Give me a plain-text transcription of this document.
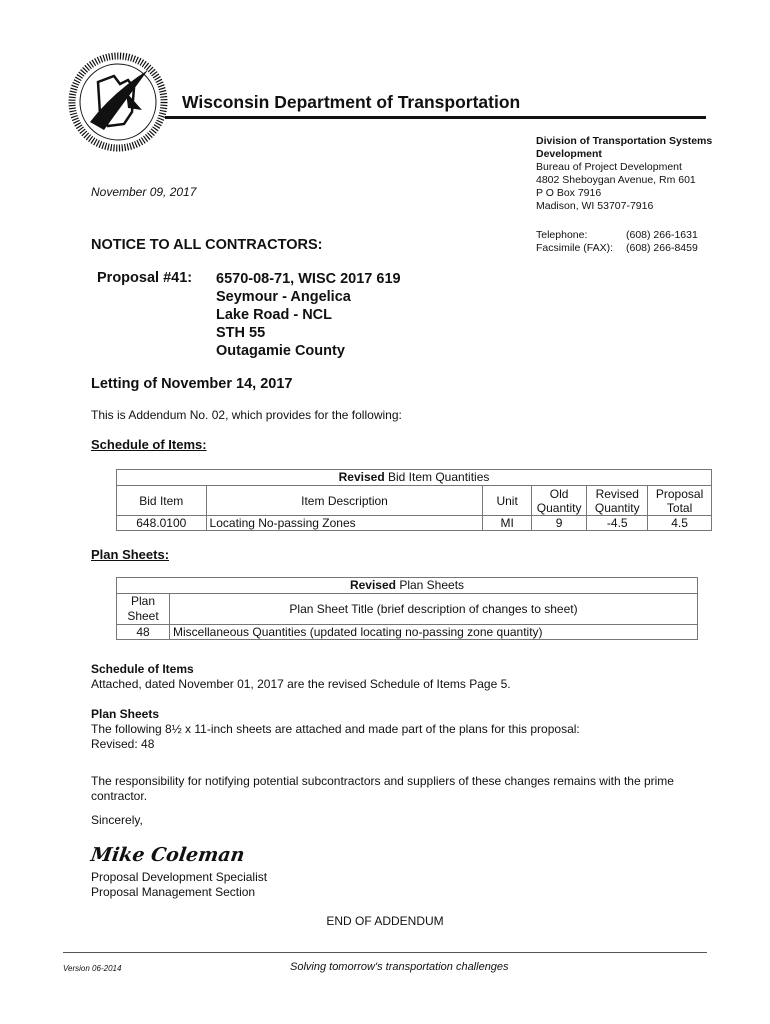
Wisconsin Department of Transportation
Division of Transportation Systems Development
Bureau of Project Development
4802 Sheboygan Avenue, Rm 601
P O Box 7916
Madison, WI 53707-7916
Telephone:	(608) 266-1631
Facsimile (FAX):	(608) 266-8459
November 09, 2017
NOTICE TO ALL CONTRACTORS:
Proposal #41: 6570-08-71, WISC 2017 619
Seymour - Angelica
Lake Road - NCL
STH 55
Outagamie County
Letting of November 14, 2017
This is Addendum No. 02, which provides for the following:
Schedule of Items:
Revised Bid Item Quantities					
Bid Item	Item Description	Unit	Old Quantity	Revised Quantity	Proposal Total
648.0100	Locating No-passing Zones	MI	9	-4.5	4.5
Plan Sheets:
Revised Plan Sheets	
Plan Sheet	Plan Sheet Title (brief description of changes to sheet)
48	Miscellaneous Quantities (updated locating no-passing zone quantity)
Schedule of Items
Attached, dated November 01, 2017 are the revised Schedule of Items Page 5.
Plan Sheets
The following 8½ x 11-inch sheets are attached and made part of the plans for this proposal:
Revised: 48
The responsibility for notifying potential subcontractors and suppliers of these changes remains with the prime contractor.
Sincerely,
Mike Coleman
Proposal Development Specialist
Proposal Management Section
END OF ADDENDUM
Version 06-2014	Solving tomorrow's transportation challenges
